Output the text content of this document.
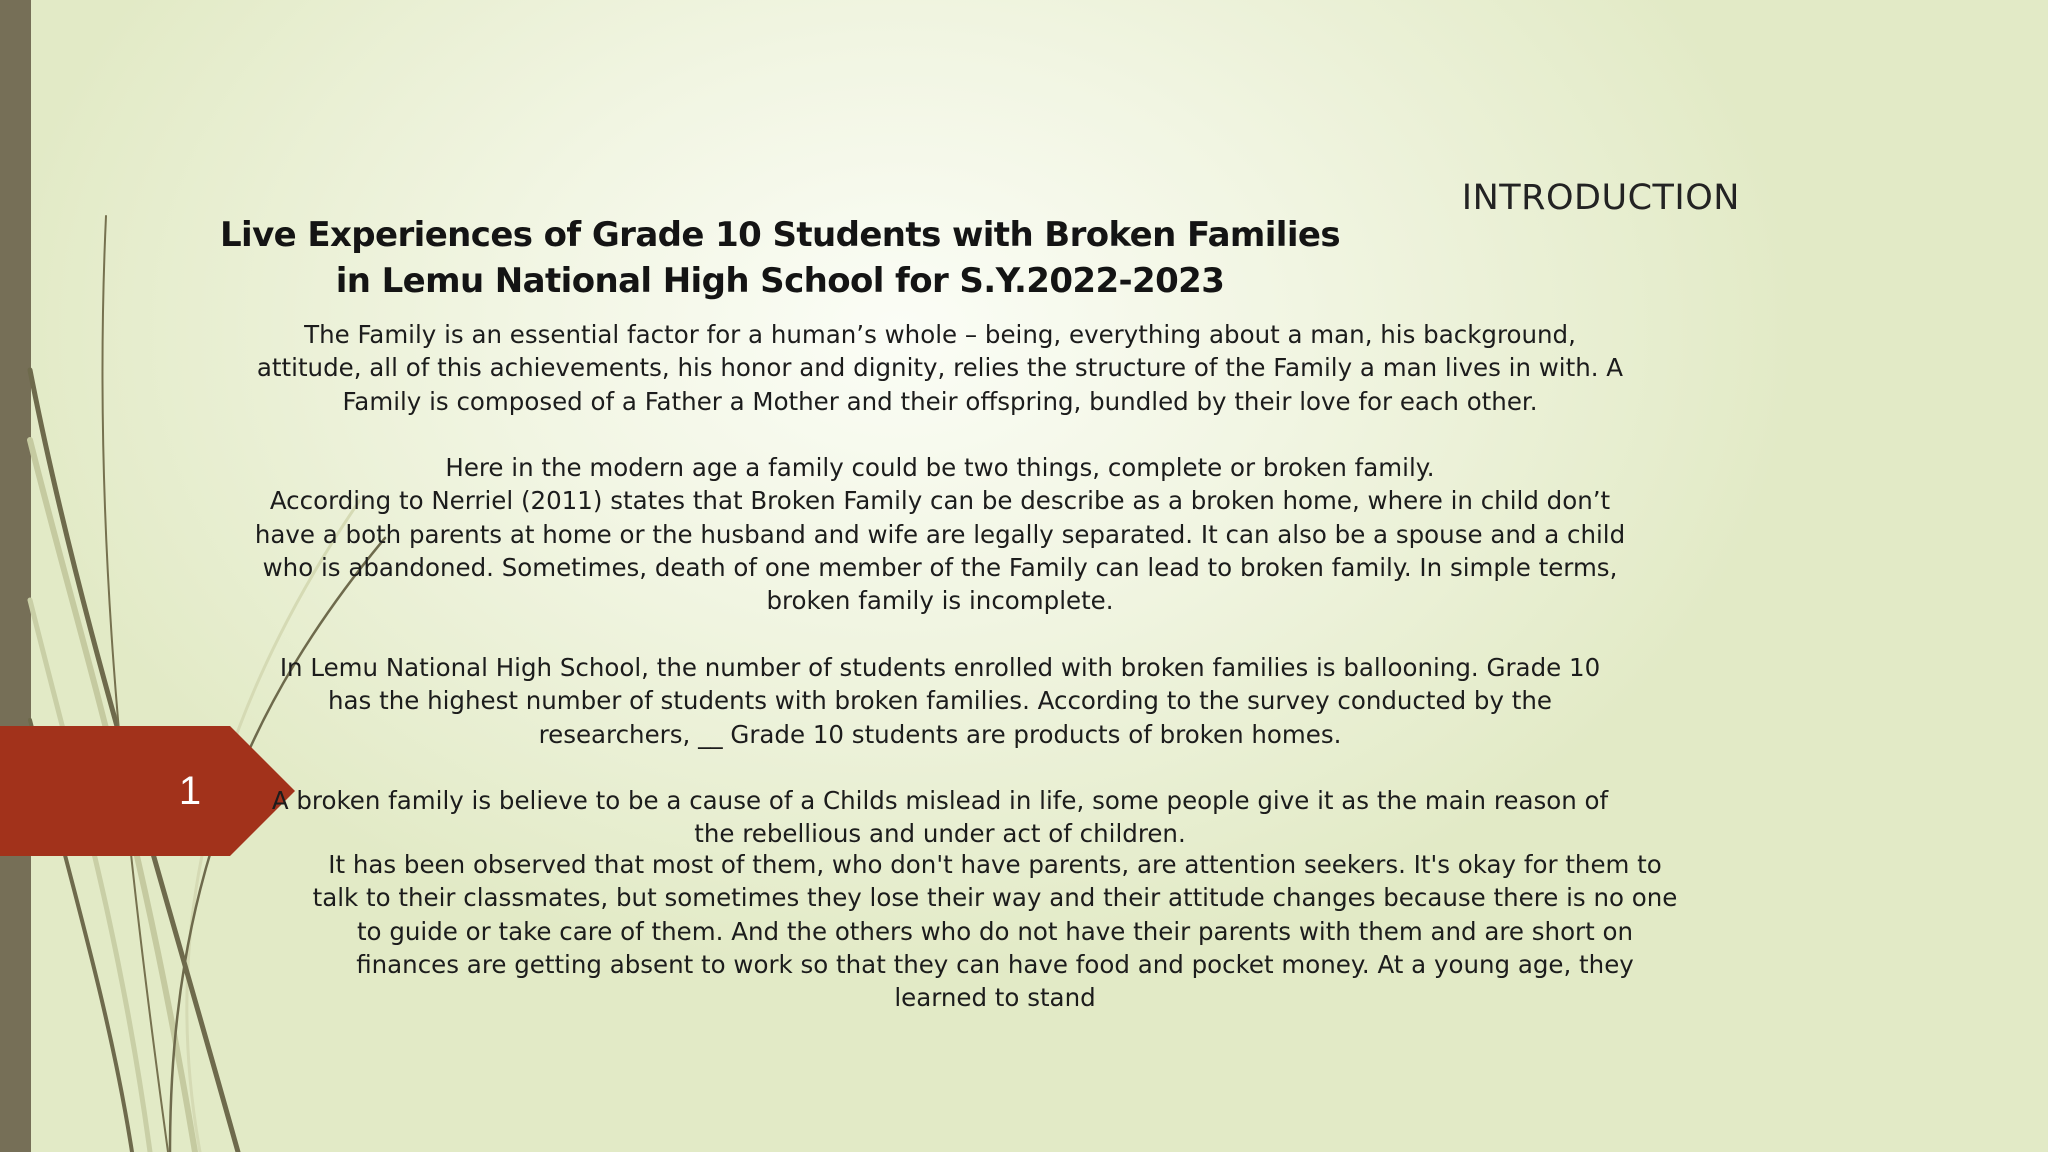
1
INTRODUCTION
Live Experiences of Grade 10 Students with Broken Families
in Lemu National High School for S.Y.2022-2023

The Family is an essential factor for a human’s whole – being, everything about a man, his background,
attitude, all of this achievements, his honor and dignity, relies the structure of the Family a man lives in with. A
Family is composed of a Father a Mother and their offspring, bundled by their love for each other.

Here in the modern age a family could be two things, complete or broken family.
According to Nerriel (2011) states that Broken Family can be describe as a broken home, where in child don’t
have a both parents at home or the husband and wife are legally separated. It can also be a spouse and a child
who is abandoned. Sometimes, death of one member of the Family can lead to broken family. In simple terms,
broken family is incomplete.

In Lemu National High School, the number of students enrolled with broken families is ballooning. Grade 10
has the highest number of students with broken families. According to the survey conducted by the
researchers, __ Grade 10 students are products of broken homes.

A broken family is believe to be a cause of a Childs mislead in life, some people give it as the main reason of
the rebellious and under act of children.

It has been observed that most of them, who don't have parents, are attention seekers. It's okay for them to
talk to their classmates, but sometimes they lose their way and their attitude changes because there is no one
to guide or take care of them. And the others who do not have their parents with them and are short on
finances are getting absent to work so that they can have food and pocket money. At a young age, they
learned to stand
